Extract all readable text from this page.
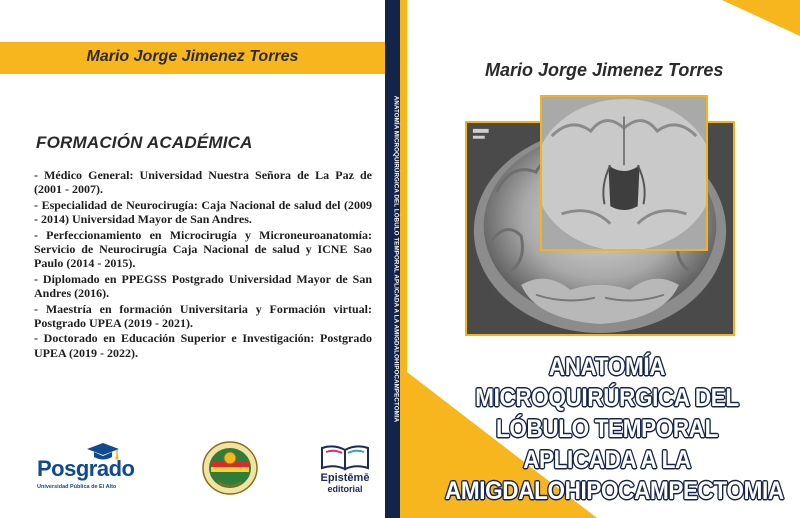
Mario Jorge Jimenez Torres
FORMACIÓN ACADÉMICA
- Médico General: Universidad Nuestra Señora de La Paz de (2001 - 2007).
- Especialidad de Neurocirugía: Caja Nacional de salud del (2009 - 2014) Universidad Mayor de San Andres.
- Perfeccionamiento en Microcirugía y Microneuroanatomía: Servicio de Neurocirugía Caja Nacional de salud y ICNE Sao Paulo (2014 - 2015).
- Diplomado en PPEGSS Postgrado Universidad Mayor de San Andres (2016).
- Maestría en formación Universitaria y Formación virtual: Postgrado UPEA (2019 - 2021).
- Doctorado en Educación Superior e Investigación: Postgrado UPEA (2019 - 2022).
Posgrado
Universidad Pública de El Alto
Epistēmē
editorial
ANATOMÍA MICROQUIRÚRGICA DEL LÓBULO TEMPORAL APLICADA A LA AMIGDALOHIPOCAMPECTOMIA
Mario Jorge Jimenez Torres
ANATOMÍA MICROQUIRÚRGICA DEL
LÓBULO TEMPORAL APLICADA A LA
AMIGDALOHIPOCAMPECTOMIA
